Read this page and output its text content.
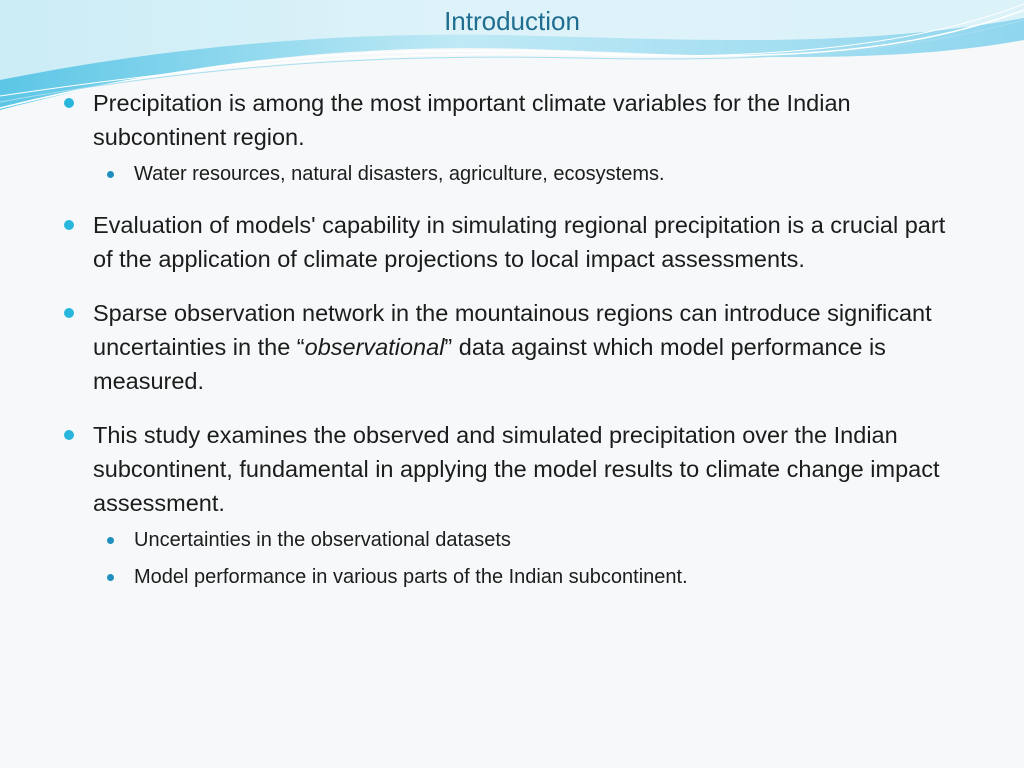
Introduction
Precipitation is among the most important climate variables for the Indian subcontinent region.
Water resources, natural disasters, agriculture, ecosystems.
Evaluation of models' capability in simulating regional precipitation is a crucial part of the application of climate projections to local impact assessments.
Sparse observation network in the mountainous regions can introduce significant uncertainties in the “observational” data against which model performance is measured.
This study examines the observed and simulated precipitation over the Indian subcontinent, fundamental in applying the model results to climate change impact assessment.
Uncertainties in the observational datasets
Model performance in various parts of the Indian subcontinent.
